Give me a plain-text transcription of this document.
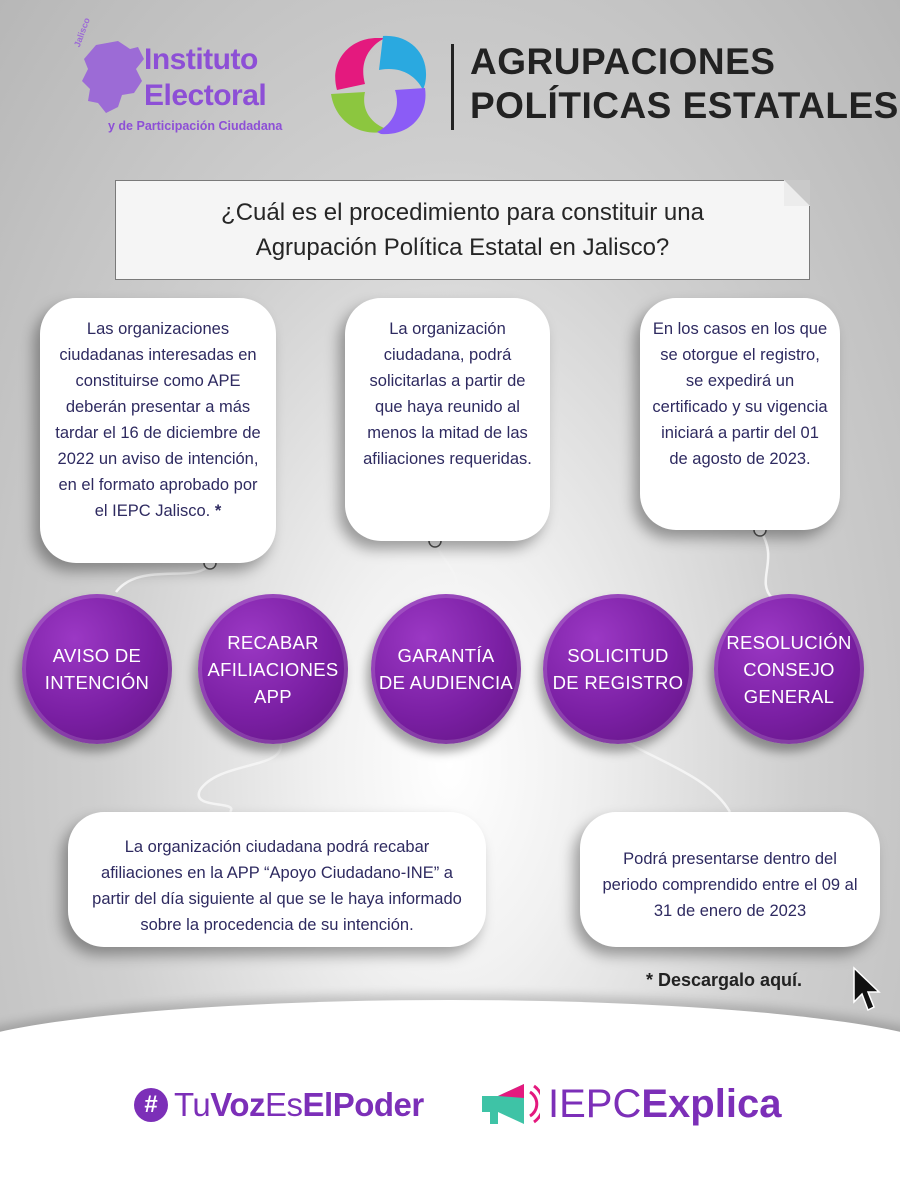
Jalisco
Instituto
Electoral
y de Participación Ciudadana
AGRUPACIONES
POLÍTICAS ESTATALES
¿Cuál es el procedimiento para constituir una
Agrupación Política Estatal en Jalisco?
Las organizaciones ciudadanas interesadas en constituirse como APE deberán presentar a más tardar el 16 de diciembre de 2022 un aviso de intención, en el formato aprobado por el IEPC Jalisco. *
La organización ciudadana, podrá solicitarlas a partir de que haya reunido al menos la mitad de las afiliaciones requeridas.
En los casos en los que se otorgue el registro, se expedirá un certificado y su vigencia iniciará a partir del 01 de agosto de 2023.
AVISO DE
INTENCIÓN
RECABAR
AFILIACIONES
APP
GARANTÍA
DE AUDIENCIA
SOLICITUD
DE REGISTRO
RESOLUCIÓN
CONSEJO
GENERAL
La organización ciudadana podrá recabar afiliaciones en la APP “Apoyo Ciudadano-INE” a partir del día siguiente al que se le haya informado sobre la procedencia de su intención.
Podrá presentarse dentro del periodo comprendido entre el 09 al 31 de enero de 2023
* Descargalo aquí.
# TuVozEsElPoder	IEPCExplica
